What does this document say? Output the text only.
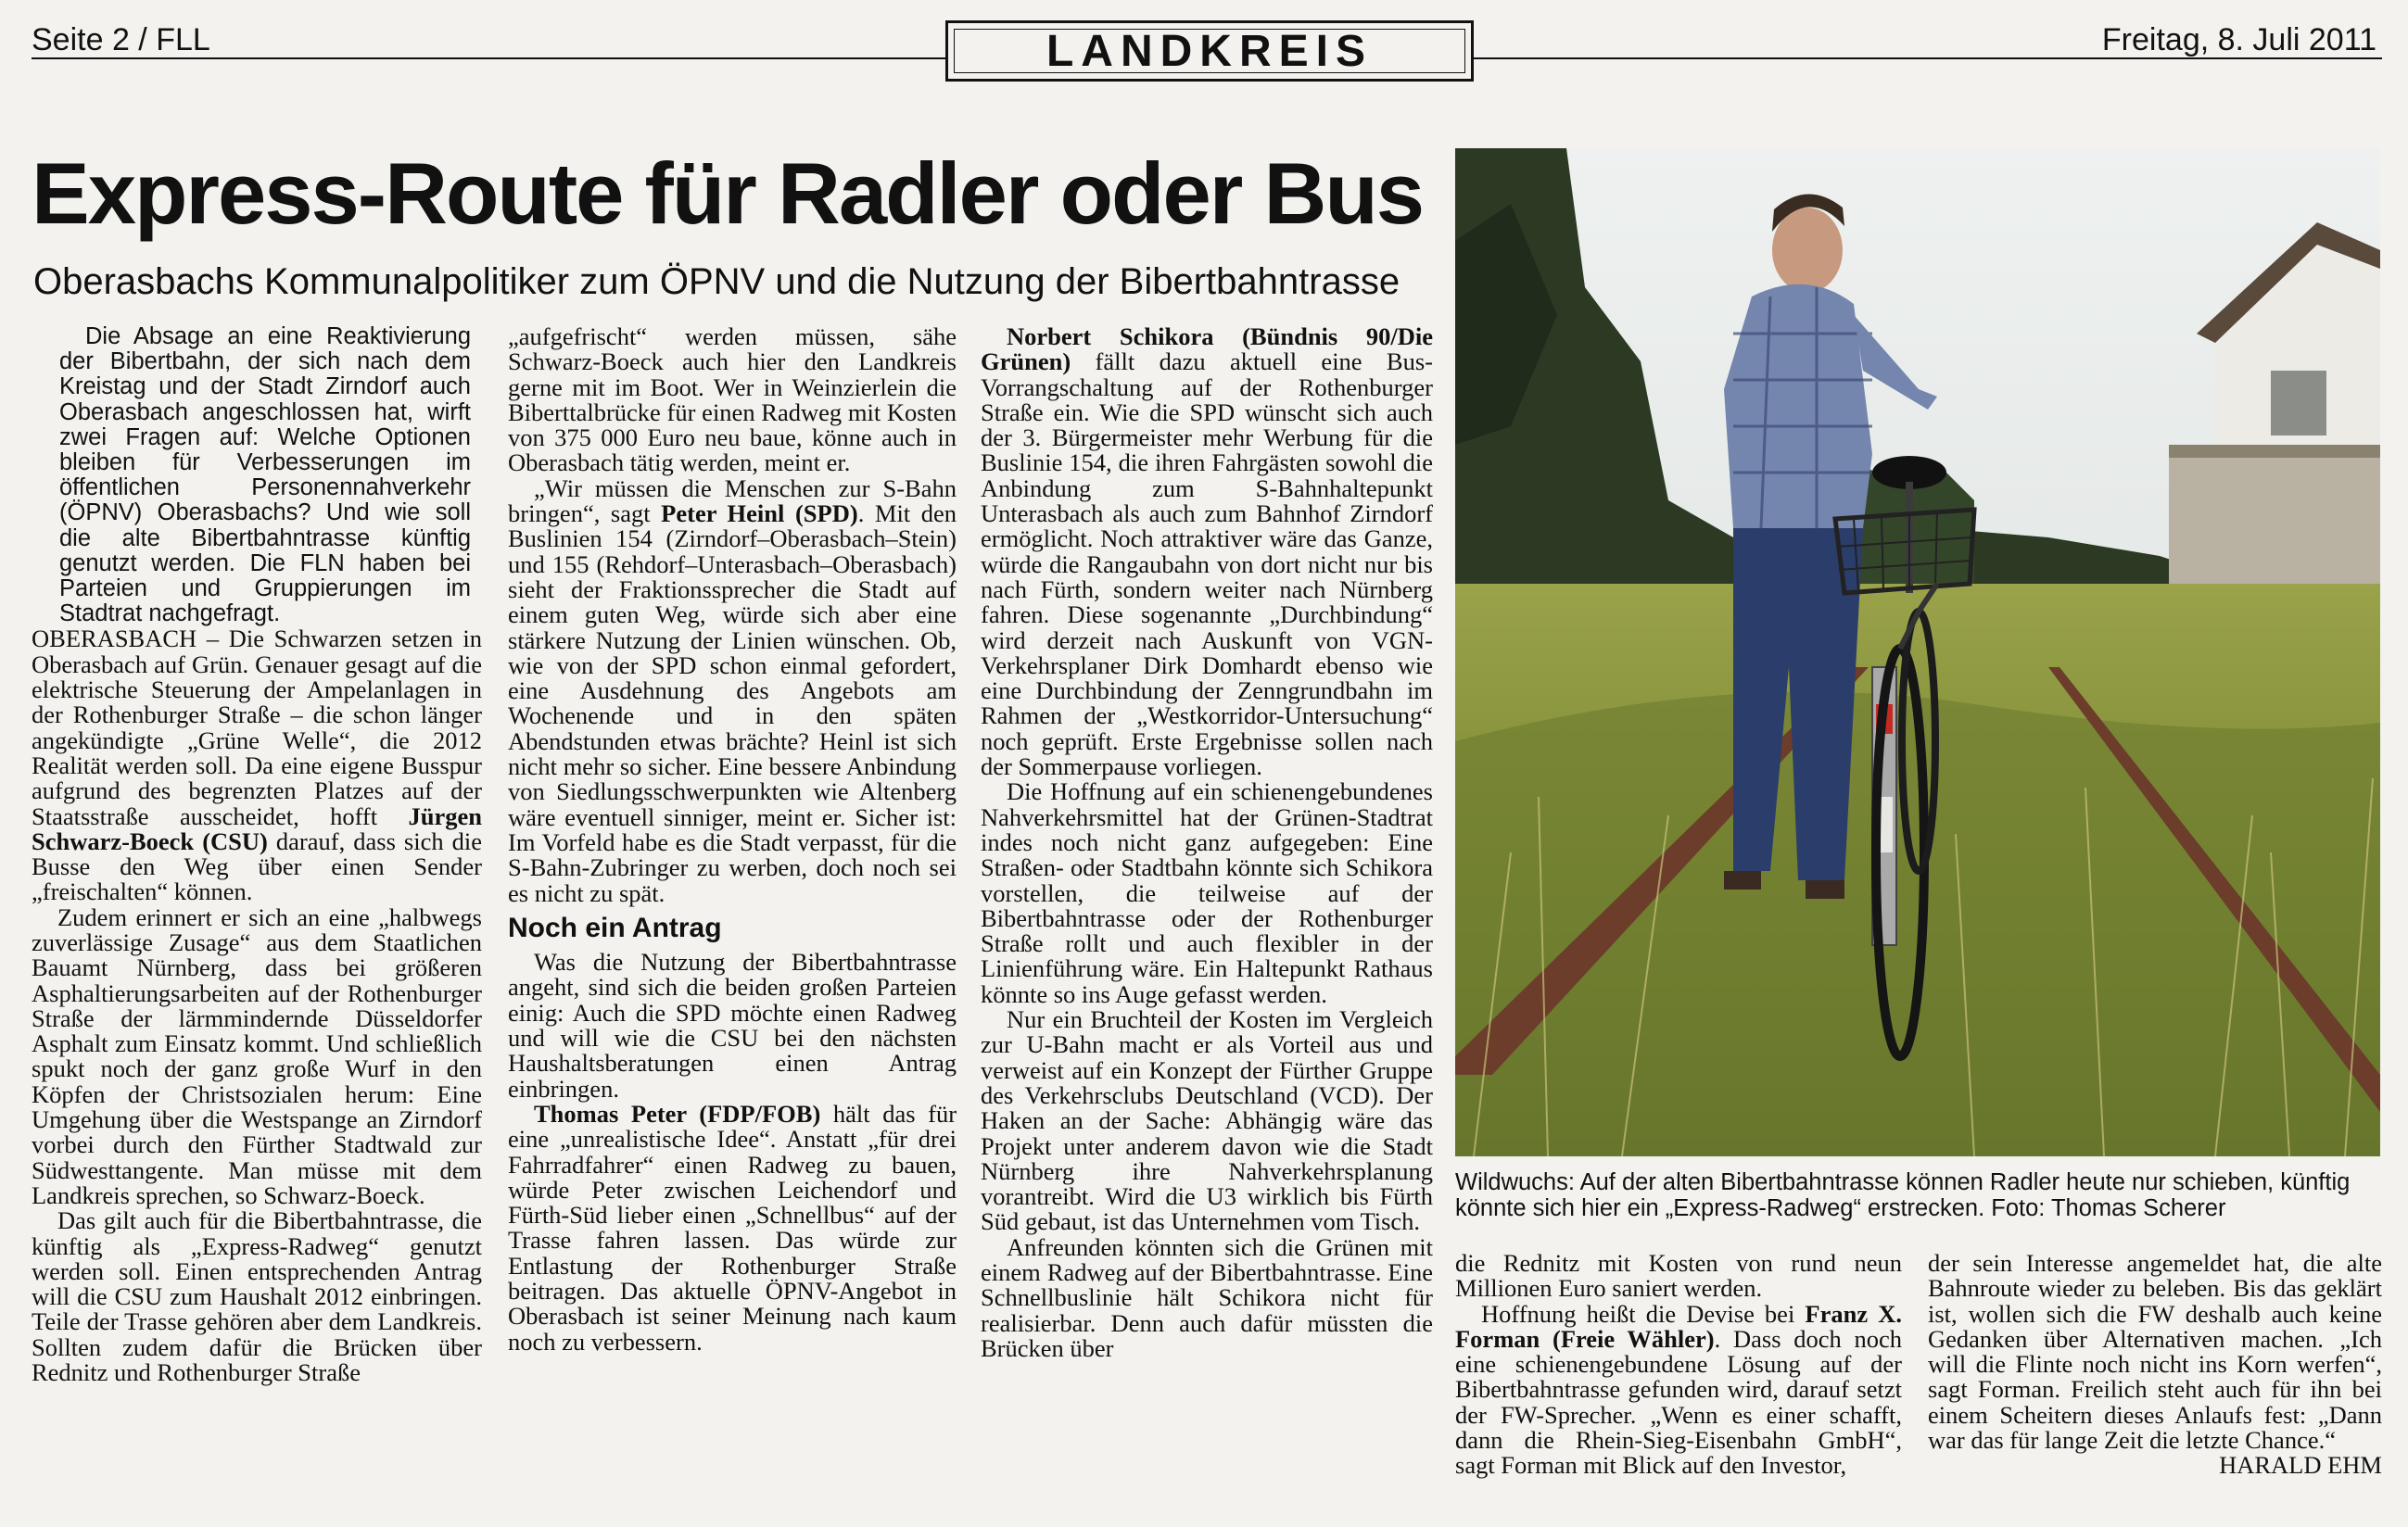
Seite 2 / FLL	LANDKREIS	Freitag, 8. Juli 2011
Express-Route für Radler oder Bus
Oberasbachs Kommunalpolitiker zum ÖPNV und die Nutzung der Bibertbahntrasse

Die Absage an eine Reaktivierung der Bibertbahn, der sich nach dem Kreistag und der Stadt Zirndorf auch Oberasbach angeschlossen hat, wirft zwei Fragen auf: Welche Optionen bleiben für Verbesserungen im öffentlichen Personennahverkehr (ÖPNV) Oberasbachs? Und wie soll die alte Bibertbahntrasse künftig genutzt werden. Die FLN haben bei Parteien und Gruppierungen im Stadtrat nachgefragt.

OBERASBACH – Die Schwarzen setzen in Oberasbach auf Grün. Genauer gesagt auf die elektrische Steuerung der Ampelanlagen in der Rothenburger Straße – die schon länger angekündigte „Grüne Welle“, die 2012 Realität werden soll. Da eine eigene Busspur aufgrund des begrenzten Platzes auf der Staatsstraße ausscheidet, hofft Jürgen Schwarz-Boeck (CSU) darauf, dass sich die Busse den Weg über einen Sender „freischalten“ können.

Zudem erinnert er sich an eine „halbwegs zuverlässige Zusage“ aus dem Staatlichen Bauamt Nürnberg, dass bei größeren Asphaltierungsarbeiten auf der Rothenburger Straße der lärmmindernde Düsseldorfer Asphalt zum Einsatz kommt. Und schließlich spukt noch der ganz große Wurf in den Köpfen der Christsozialen herum: Eine Umgehung über die Westspange an Zirndorf vorbei durch den Fürther Stadtwald zur Südwesttangente. Man müsse mit dem Landkreis sprechen, so Schwarz-Boeck.

Das gilt auch für die Bibertbahntrasse, die künftig als „Express-Radweg“ genutzt werden soll. Einen entsprechenden Antrag will die CSU zum Haushalt 2012 einbringen. Teile der Trasse gehören aber dem Landkreis. Sollten zudem dafür die Brücken über Rednitz und Rothenburger Straße

„aufgefrischt“ werden müssen, sähe Schwarz-Boeck auch hier den Landkreis gerne mit im Boot. Wer in Weinzierlein die Biberttalbrücke für einen Radweg mit Kosten von 375 000 Euro neu baue, könne auch in Oberasbach tätig werden, meint er.

„Wir müssen die Menschen zur S-Bahn bringen“, sagt Peter Heinl (SPD). Mit den Buslinien 154 (Zirndorf–Oberasbach–Stein) und 155 (Rehdorf–Unterasbach–Oberasbach) sieht der Fraktionssprecher die Stadt auf einem guten Weg, würde sich aber eine stärkere Nutzung der Linien wünschen. Ob, wie von der SPD schon einmal gefordert, eine Ausdehnung des Angebots am Wochenende und in den späten Abendstunden etwas brächte? Heinl ist sich nicht mehr so sicher. Eine bessere Anbindung von Siedlungsschwerpunkten wie Altenberg wäre eventuell sinniger, meint er. Sicher ist: Im Vorfeld habe es die Stadt verpasst, für die S-Bahn-Zubringer zu werben, doch noch sei es nicht zu spät.

Noch ein Antrag

Was die Nutzung der Bibertbahntrasse angeht, sind sich die beiden großen Parteien einig: Auch die SPD möchte einen Radweg und will wie die CSU bei den nächsten Haushaltsberatungen einen Antrag einbringen.

Thomas Peter (FDP/FOB) hält das für eine „unrealistische Idee“. Anstatt „für drei Fahrradfahrer“ einen Radweg zu bauen, würde Peter zwischen Leichendorf und Fürth-Süd lieber einen „Schnellbus“ auf der Trasse fahren lassen. Das würde zur Entlastung der Rothenburger Straße beitragen. Das aktuelle ÖPNV-Angebot in Oberasbach ist seiner Meinung nach kaum noch zu verbessern.

Norbert Schikora (Bündnis 90/Die Grünen) fällt dazu aktuell eine Bus-Vorrangschaltung auf der Rothenburger Straße ein. Wie die SPD wünscht sich auch der 3. Bürgermeister mehr Werbung für die Buslinie 154, die ihren Fahrgästen sowohl die Anbindung zum S-Bahnhaltepunkt Unterasbach als auch zum Bahnhof Zirndorf ermöglicht. Noch attraktiver wäre das Ganze, würde die Rangaubahn von dort nicht nur bis nach Fürth, sondern weiter nach Nürnberg fahren. Diese sogenannte „Durchbindung“ wird derzeit nach Auskunft von VGN-Verkehrsplaner Dirk Domhardt ebenso wie eine Durchbindung der Zenngrundbahn im Rahmen der „Westkorridor-Untersuchung“ noch geprüft. Erste Ergebnisse sollen nach der Sommerpause vorliegen.

Die Hoffnung auf ein schienengebundenes Nahverkehrsmittel hat der Grünen-Stadtrat indes noch nicht ganz aufgegeben: Eine Straßen- oder Stadtbahn könnte sich Schikora vorstellen, die teilweise auf der Bibertbahntrasse oder der Rothenburger Straße rollt und auch flexibler in der Linienführung wäre. Ein Haltepunkt Rathaus könnte so ins Auge gefasst werden.

Nur ein Bruchteil der Kosten im Vergleich zur U-Bahn macht er als Vorteil aus und verweist auf ein Konzept der Fürther Gruppe des Verkehrsclubs Deutschland (VCD). Der Haken an der Sache: Abhängig wäre das Projekt unter anderem davon wie die Stadt Nürnberg ihre Nahverkehrsplanung vorantreibt. Wird die U3 wirklich bis Fürth Süd gebaut, ist das Unternehmen vom Tisch.

Anfreunden könnten sich die Grünen mit einem Radweg auf der Bibertbahntrasse. Eine Schnellbuslinie hält Schikora nicht für realisierbar. Denn auch dafür müssten die Brücken über

Wildwuchs: Auf der alten Bibertbahntrasse können Radler heute nur schieben, künftig könnte sich hier ein „Express-Radweg“ erstrecken. Foto: Thomas Scherer

die Rednitz mit Kosten von rund neun Millionen Euro saniert werden.

Hoffnung heißt die Devise bei Franz X. Forman (Freie Wähler). Dass doch noch eine schienengebundene Lösung auf der Bibertbahntrasse gefunden wird, darauf setzt der FW-Sprecher. „Wenn es einer schafft, dann die Rhein-Sieg-Eisenbahn GmbH“, sagt Forman mit Blick auf den Investor,

der sein Interesse angemeldet hat, die alte Bahnroute wieder zu beleben. Bis das geklärt ist, wollen sich die FW deshalb auch keine Gedanken über Alternativen machen. „Ich will die Flinte noch nicht ins Korn werfen“, sagt Forman. Freilich steht auch für ihn bei einem Scheitern dieses Anlaufs fest: „Dann war das für lange Zeit die letzte Chance.“

HARALD EHM
